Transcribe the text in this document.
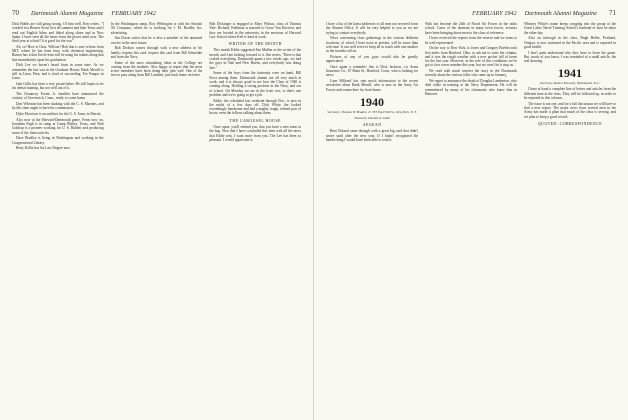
70 Dartmouth Alumni Magazine FEBRUARY 1942

Dick Hobbs are still going strong. Of him well, Ken writes, "I worked in a Beaver Scout first all summer and then Texas and I read out English bikes and hiked along shore and in New Spain. I have seen all the bases from the places until now. The final year at school! It is good for the war."

Ah, so! How is Chas. Willson? Bob that is sure to hear from MIT, where he has been busy with chemical engineering. Rumor has it that Uncle Sam will be using his talents along that line immediately upon his graduation.

Dick Lee we haven't heard from in some time. As we remember the last was in the Graduate House; Hank Merrill is still in Lima, Peru, and is fond of succeeding. For Pangos in Lima.

Jake Gillis has been a very proud father. He still hopes to be his dental training, but not well out of it.

The Chauncey Foster, Jr. families have announced the vicinity of Greenwich, Conn., ready to come home.

Don Wheaton has been shaking with the C. S. Marines, and by this time ought to have his commission.

Dyke Morrison is an outfitter for the U. S. Army in Detroit.

Also now at the Harvard-Dartmouth game. From now on, Jonathan Pagh is in camp at Camp Blakey, Texas, and Walt Goldtop is a pioneer working for U. S. Rubber and producing some of the finest articles.

Dave Bradley is living in Washington and working in the Congressional Library.

Betty Kolbe has his Law Degree now.

In the Washington camp, Roy Wellington is with the Sinclair Oil Company, where he is working for J. M. Bradley Inc. advertising.

Jim Dixon writes that he is also a member of the unarmed service in the near future.

Bob Dodson comes through with a new address in his family; request this card, request this card from Bill Schneider and from the Navy.

Some of the most stimulating ideas at the College are coming from the students. Also happy to report that the most active members have been doing their jobs well. One of the best to pass along from Bill Lambert, just back home on leave.

Bob Dickinger is engaged to Mary Wilson, class of Thomas Yale. Richard, Kehlman is married to Grace Van Davicen, and they are located in the university in the environs of Harvard Law School where Keil is hard at work.

WRITER OF THE MONTH

This month Eddie suggested Jim Mullen as the writer of the month, and I am looking forward to it. Jim writes, "Dave is that corked everything. Dartmouth game a few weeks ago, we had the guys in Yale and New Haven, and everybody was doing fine."

Some of the boys from the fraternity were on hand, Bill Frost among them. Dartmouth alumni are all very much at work, and it is always good to see how the Class of 1940 is coming along. Holding a strong position in the Navy, and out of school. On Monday we are in the front row, so that's one problem and we're going to get a job.

Eddie, the scheduled last weekend through Nov., is now in the midst of a few days off. Dick White, the looked exceedingly handsome and had a mighty tough, refined pair of boots; even the fellows talking about them.

THE CAROUSEL HOUSE

Once upon, you'll remind you, that you have a new team in the bag. Now that I have concluded this item with all the news that Eddie sent, I want more from you. The Lee has been so pleasant. I would appreciate it.

FEBRUARY 1942 Dartmouth Alumni Magazine 71

I have a list of the latest addresses of all men not received from the Alumni Office. It will be very helpful to you as we are trying to contact everybody.

News concerning class gatherings in the various different locations, of which I have none at present, will be more than welcome. It can well serve to keep all in touch with one another as the months roll on.

Pictures of any of you guys would also be greatly appreciated.

Once again a reminder: this is Dick Jackson, c/o Arma Insurance Co., 67 Main St., Hartford, Conn., who is looking for news.

Lane Hillyard has sent much information to the recent newsletter about Hank Merrill, who is now in the Army Air Forces and somewhere far from home.

1940
Secretary, Thomas W. Braden, Jr. 333 East 56th St., New York, N. Y.
Treasurer, Donald A. Smith
AEGEAN

Bent Noland came through with a great big card that didn't arrive until after the new year. If I hadn't recognized the handwriting I would have been able to read it.

With has become the 24th of Naval Air Forces in the radio school. Cases of the dormant in many town forces, aviators have been bringing down men to the class of reference.

I have received the reports from the reserve and we seem to be well represented.

On the way to New York, to Jones and Gregory Boehm took five miles from Hartford. Ohio, to ask me to write the column, and it was the rough weather with a new pocket full of items for the last year. However, in the role of this conditions we've got to face a new number this year, but we won't let it stop us.

We read with much interest the story in the Dartmouth recently about the various folks who came up in January.

We regret to announce the death of Douglas Lamberton, who died while in training at the Navy Department. He will be remembered by many of his classmates who knew him in Hanover.

Whitney White's name keeps cropping into the group of the Great Lakes Naval Training School's husband of men he takes the other day.

Also on furlough in the class, Hugh Heller, Portland, Oregon, is now stationed in the Pacific area and is reported in good health.

I don't quite understand why they have to leave the game. But, much of you know, I was reminded of a small article, the real drawing.

1941
Secretary, Robert Kennedy, Washington, D.C.

I have at hand a complete line of letters and articles from the different men in the class. They will be followed up, in order to be reported in this column.

The issue is not one, and for a full discussion we will have to find a new report. The major news from several men in the Army has made it plain that much of the class is serving, and we plan to keep a good record.

QUOTED: CORRESPONDENCE
